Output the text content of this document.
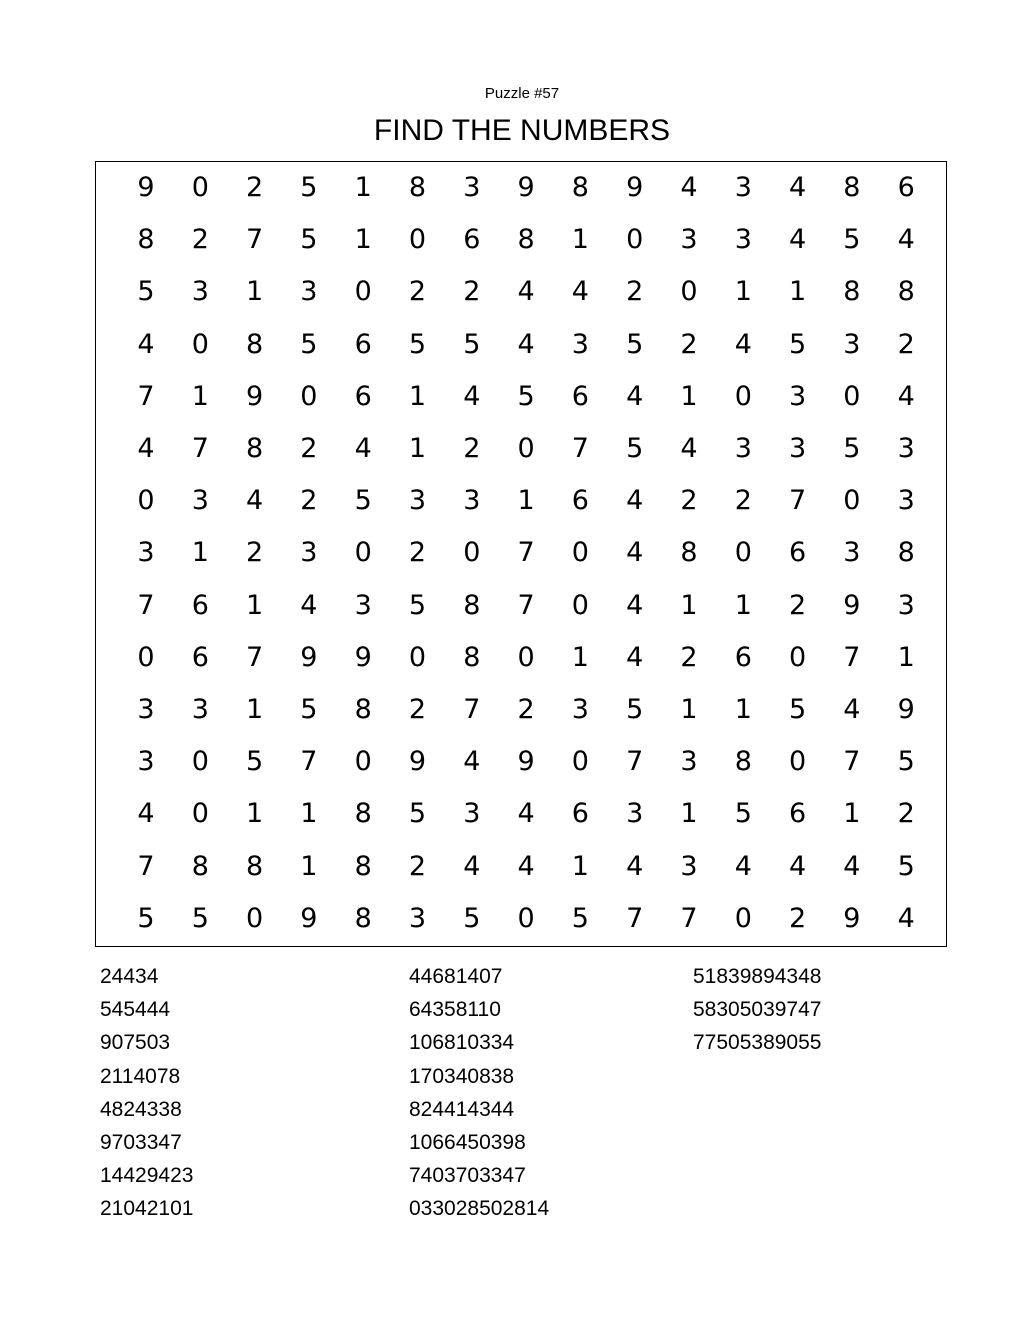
Puzzle #57
FIND THE NUMBERS
9	0	2	5	1	8	3	9	8	9	4	3	4	8	6
8	2	7	5	1	0	6	8	1	0	3	3	4	5	4
5	3	1	3	0	2	2	4	4	2	0	1	1	8	8
4	0	8	5	6	5	5	4	3	5	2	4	5	3	2
7	1	9	0	6	1	4	5	6	4	1	0	3	0	4
4	7	8	2	4	1	2	0	7	5	4	3	3	5	3
0	3	4	2	5	3	3	1	6	4	2	2	7	0	3
3	1	2	3	0	2	0	7	0	4	8	0	6	3	8
7	6	1	4	3	5	8	7	0	4	1	1	2	9	3
0	6	7	9	9	0	8	0	1	4	2	6	0	7	1
3	3	1	5	8	2	7	2	3	5	1	1	5	4	9
3	0	5	7	0	9	4	9	0	7	3	8	0	7	5
4	0	1	1	8	5	3	4	6	3	1	5	6	1	2
7	8	8	1	8	2	4	4	1	4	3	4	4	4	5
5	5	0	9	8	3	5	0	5	7	7	0	2	9	4
24434
545444
907503
2114078
4824338
9703347
14429423
21042101
44681407
64358110
106810334
170340838
824414344
1066450398
7403703347
033028502814
51839894348
58305039747
77505389055
